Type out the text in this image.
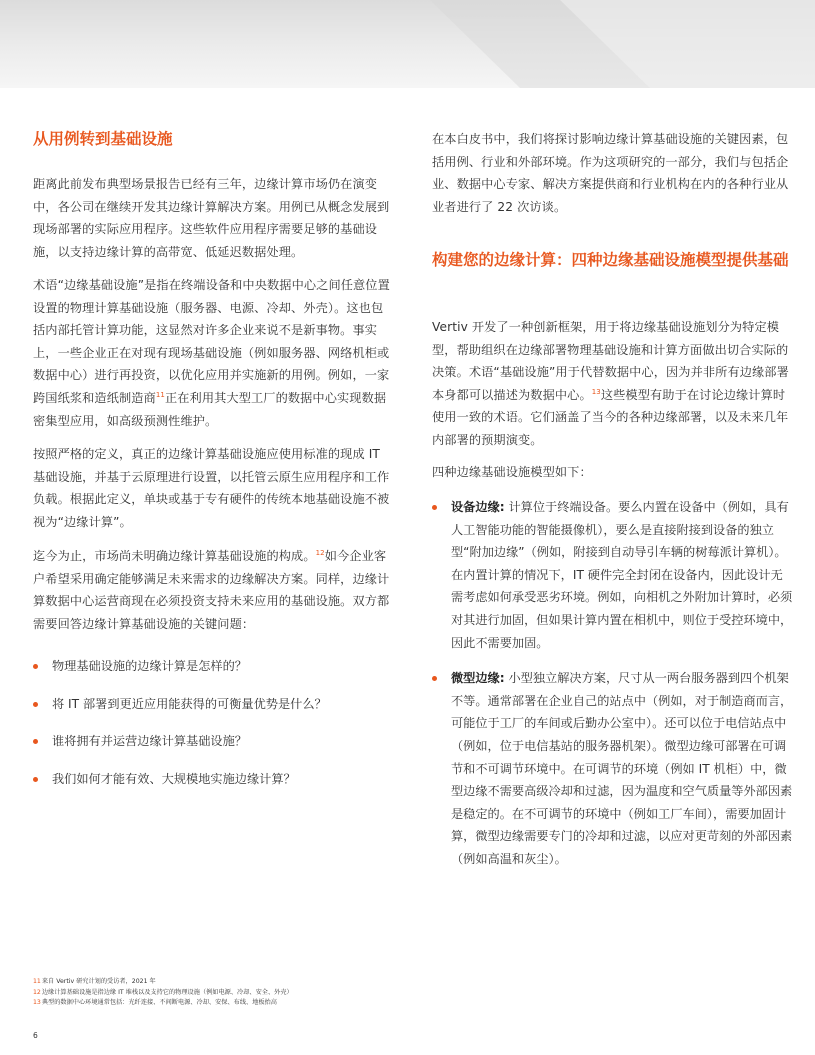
从用例转到基础设施

距离此前发布典型场景报告已经有三年，边缘计算市场仍在演变中，各公司在继续开发其边缘计算解决方案。用例已从概念发展到现场部署的实际应用程序。这些软件应用程序需要足够的基础设施，以支持边缘计算的高带宽、低延迟数据处理。

术语“边缘基础设施”是指在终端设备和中央数据中心之间任意位置设置的物理计算基础设施（服务器、电源、冷却、外壳）。这也包括内部托管计算功能，这显然对许多企业来说不是新事物。事实上，一些企业正在对现有现场基础设施（例如服务器、网络机柜或数据中心）进行再投资，以优化应用并实施新的用例。例如，一家跨国纸浆和造纸制造商$^{11}$正在利用其大型工厂的数据中心实现数据密集型应用，如高级预测性维护。

按照严格的定义，真正的边缘计算基础设施应使用标准的现成 IT 基础设施，并基于云原理进行设置，以托管云原生应用程序和工作负载。根据此定义，单块或基于专有硬件的传统本地基础设施不被视为“边缘计算”。

迄今为止，市场尚未明确边缘计算基础设施的构成。$^{12}$如今企业客户希望采用确定能够满足未来需求的边缘解决方案。同样，边缘计算数据中心运营商现在必须投资支持未来应用的基础设施。双方都需要回答边缘计算基础设施的关键问题：

物理基础设施的边缘计算是怎样的？
将 IT 部署到更近应用能获得的可衡量优势是什么？
谁将拥有并运营边缘计算基础设施？
我们如何才能有效、大规模地实施边缘计算？

在本白皮书中，我们将探讨影响边缘计算基础设施的关键因素，包括用例、行业和外部环境。作为这项研究的一部分，我们与包括企业、数据中心专家、解决方案提供商和行业机构在内的各种行业从业者进行了 22 次访谈。

构建您的边缘计算：四种边缘基础设施模型提供基础

Vertiv 开发了一种创新框架，用于将边缘基础设施划分为特定模型，帮助组织在边缘部署物理基础设施和计算方面做出切合实际的决策。术语“基础设施”用于代替数据中心，因为并非所有边缘部署本身都可以描述为数据中心。$^{13}$这些模型有助于在讨论边缘计算时使用一致的术语。它们涵盖了当今的各种边缘部署，以及未来几年内部署的预期演变。

四种边缘基础设施模型如下：

设备边缘: 计算位于终端设备。要么内置在设备中（例如，具有人工智能功能的智能摄像机），要么是直接附接到设备的独立型“附加边缘”（例如，附接到自动导引车辆的树莓派计算机）。在内置计算的情况下，IT 硬件完全封闭在设备内，因此设计无需考虑如何承受恶劣环境。例如，向相机之外附加计算时，必须对其进行加固，但如果计算内置在相机中，则位于受控环境中，因此不需要加固。
微型边缘: 小型独立解决方案，尺寸从一两台服务器到四个机架不等。通常部署在企业自己的站点中（例如，对于制造商而言，可能位于工厂的车间或后勤办公室中）。还可以位于电信站点中（例如，位于电信基站的服务器机架）。微型边缘可部署在可调节和不可调节环境中。在可调节的环境（例如 IT 机柜）中，微型边缘不需要高级冷却和过滤，因为温度和空气质量等外部因素是稳定的。在不可调节的环境中（例如工厂车间），需要加固计算，微型边缘需要专门的冷却和过滤，以应对更苛刻的外部因素（例如高温和灰尘）。
11来自 Vertiv 研究计划的受访者，2021 年
12边缘计算基础设施是指边缘 IT 堆栈以及支持它的物理设施（例如电源、冷却、安全、外壳）
13典型的数据中心环境通常包括：光纤连接、不间断电源、冷却、安保、布线、地板抬高
6
